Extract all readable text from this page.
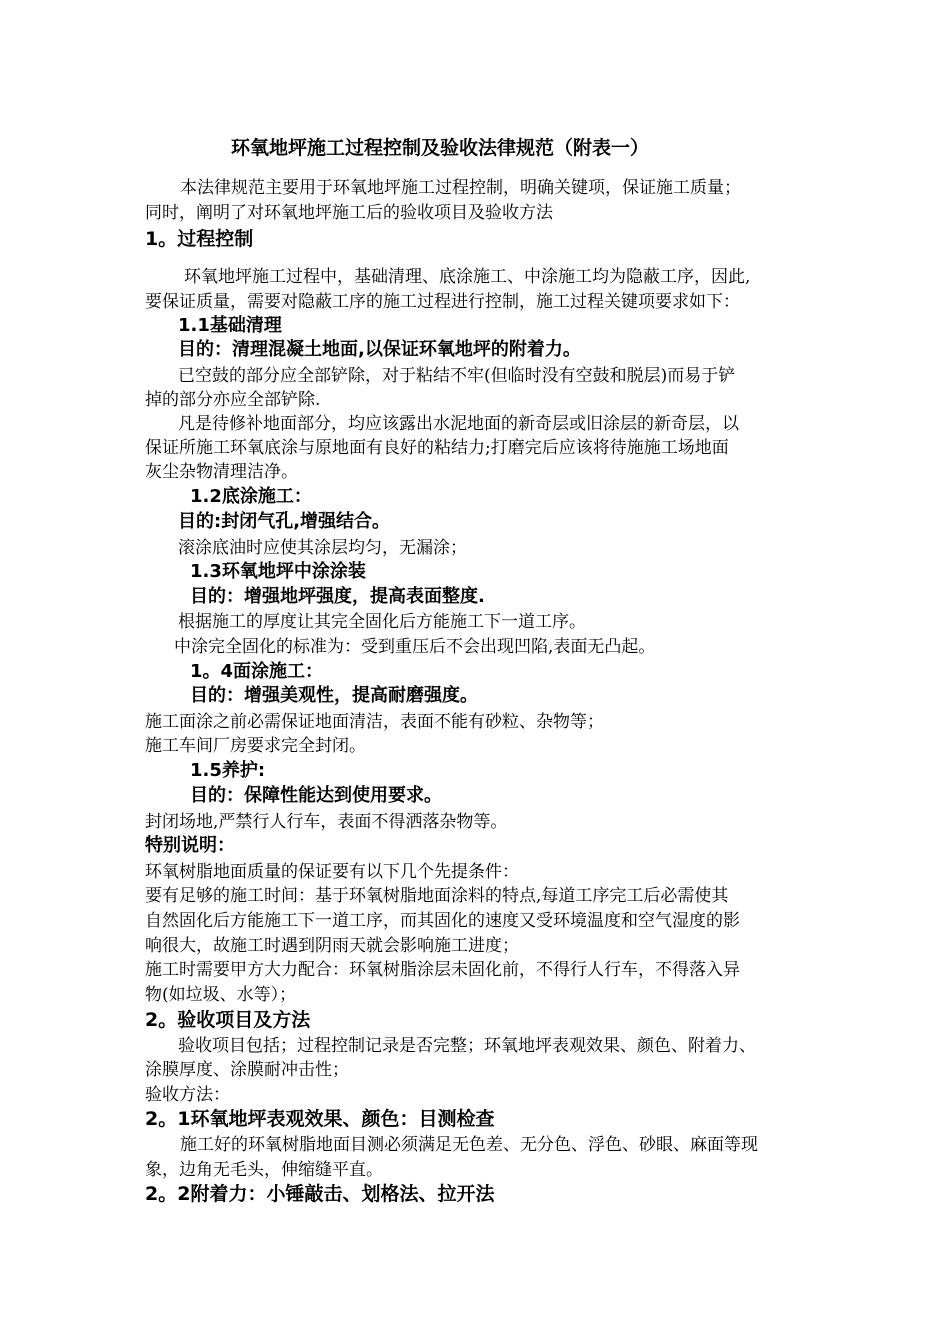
环氧地坪施工过程控制及验收法律规范（附表一）
本法律规范主要用于环氧地坪施工过程控制，明确关键项，保证施工质量；
同时，阐明了对环氧地坪施工后的验收项目及验收方法
1。过程控制
环氧地坪施工过程中，基础清理、底涂施工、中涂施工均为隐蔽工序，因此,
要保证质量，需要对隐蔽工序的施工过程进行控制，施工过程关键项要求如下：
1.1基础清理
目的：清理混凝土地面,以保证环氧地坪的附着力。
已空鼓的部分应全部铲除，对于粘结不牢(但临时没有空鼓和脱层)而易于铲
掉的部分亦应全部铲除.
凡是待修补地面部分，均应该露出水泥地面的新奇层或旧涂层的新奇层，以
保证所施工环氧底涂与原地面有良好的粘结力;打磨完后应该将待施施工场地面
灰尘杂物清理洁净。
1.2底涂施工：
目的:封闭气孔,增强结合。
滚涂底油时应使其涂层均匀，无漏涂；
1.3环氧地坪中涂涂装
目的：增强地坪强度，提高表面整度.
根据施工的厚度让其完全固化后方能施工下一道工序。
中涂完全固化的标准为：受到重压后不会出现凹陷,表面无凸起。
1。4面涂施工：
目的：增强美观性，提高耐磨强度。
施工面涂之前必需保证地面清洁，表面不能有砂粒、杂物等；
施工车间厂房要求完全封闭。
1.5养护:
目的：保障性能达到使用要求。
封闭场地,严禁行人行车，表面不得洒落杂物等。
特别说明：
环氧树脂地面质量的保证要有以下几个先提条件：
要有足够的施工时间：基于环氧树脂地面涂料的特点,每道工序完工后必需使其
自然固化后方能施工下一道工序，而其固化的速度又受环境温度和空气湿度的影
响很大，故施工时遇到阴雨天就会影响施工进度；
施工时需要甲方大力配合：环氧树脂涂层未固化前，不得行人行车，不得落入异
物(如垃圾、水等）；
2。验收项目及方法
验收项目包括；过程控制记录是否完整；环氧地坪表观效果、颜色、附着力、
涂膜厚度、涂膜耐冲击性；
验收方法：
2。1环氧地坪表观效果、颜色：目测检查
施工好的环氧树脂地面目测必须满足无色差、无分色、浮色、砂眼、麻面等现
象，边角无毛头，伸缩缝平直。
2。2附着力：小锤敲击、划格法、拉开法
